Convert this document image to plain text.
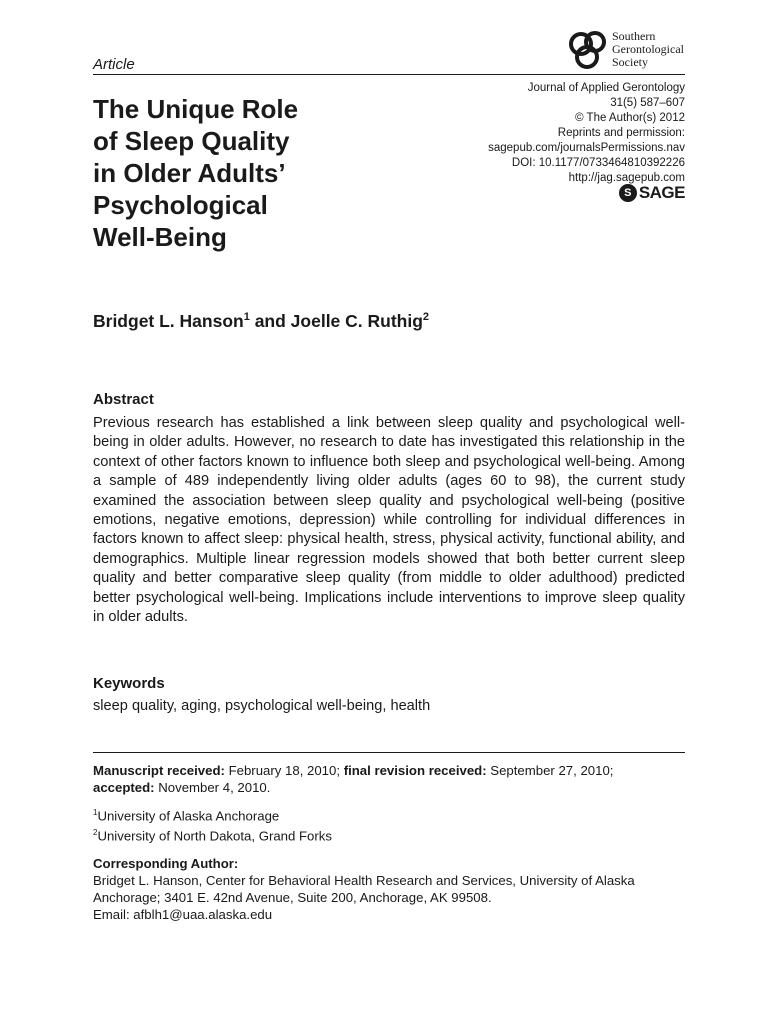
Article
Southern
Gerontological
Society
Journal of Applied Gerontology
31(5) 587–607
© The Author(s) 2012
Reprints and permission:
sagepub.com/journalsPermissions.nav
DOI: 10.1177/0733464810392226
http://jag.sagepub.com
S SAGE
The Unique Role
of Sleep Quality
in Older Adults’
Psychological
Well-Being
Bridget L. Hanson$^1$ and Joelle C. Ruthig$^2$
Abstract
Previous research has established a link between sleep quality and psychological well-being in older adults. However, no research to date has investigated this relationship in the context of other factors known to influence both sleep and psychological well-being. Among a sample of 489 independently living older adults (ages 60 to 98), the current study examined the association between sleep quality and psychological well-being (positive emotions, negative emotions, depression) while controlling for individual differences in factors known to affect sleep: physical health, stress, physical activity, functional ability, and demographics. Multiple linear regression models showed that both better current sleep quality and better comparative sleep quality (from middle to older adulthood) predicted better psychological well-being. Implications include interventions to improve sleep quality in older adults.
Keywords
sleep quality, aging, psychological well-being, health
Manuscript received: February 18, 2010; final revision received: September 27, 2010;
accepted: November 4, 2010.
$^1$University of Alaska Anchorage
$^2$University of North Dakota, Grand Forks
Corresponding Author:
Bridget L. Hanson, Center for Behavioral Health Research and Services, University of Alaska
Anchorage; 3401 E. 42nd Avenue, Suite 200, Anchorage, AK 99508.
Email: afblh1@uaa.alaska.edu
